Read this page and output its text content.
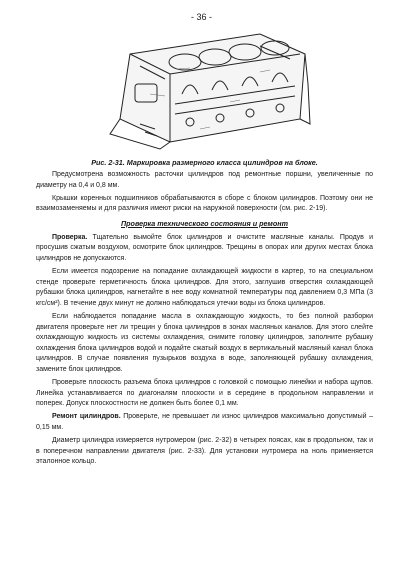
- 36 -
Рис. 2-31. Маркировка размерного класса цилиндров на блоке.

Предусмотрена возможность расточки цилиндров под ремонтные поршни, увеличенные по диаметру на 0,4 и 0,8 мм.

Крышки коренных подшипников обрабатываются в сборе с блоком цилиндров. Поэтому они не взаимозаменяемы и для различия имеют риски на наружной поверхности (см. рис. 2-19).

Проверка технического состояния и ремонт

Проверка. Тщательно вымойте блок цилиндров и очистите масляные каналы. Продув и просушив сжатым воздухом, осмотрите блок цилиндров. Трещины в опорах или других местах блока цилиндров не допускаются.

Если имеется подозрение на попадание охлаждающей жидкости в картер, то на специальном стенде проверьте герметичность блока цилиндров. Для этого, заглушив отверстия охлаждающей рубашки блока цилиндров, нагнетайте в нее воду комнатной температуры под давлением 0,3 МПа (3 кгс/см²). В течение двух минут не должно наблюдаться утечки воды из блока цилиндров.

Если наблюдается попадание масла в охлаждающую жидкость, то без полной разборки двигателя проверьте нет ли трещин у блока цилиндров в зонах масляных каналов. Для этого слейте охлаждающую жидкость из системы охлаждения, снимите головку цилиндров, заполните рубашку охлаждения блока цилиндров водой и подайте сжатый воздух в вертикальный масляный канал блока цилиндров. В случае появления пузырьков воздуха в воде, заполняющей рубашку охлаждения, замените блок цилиндров.

Проверьте плоскость разъема блока цилиндров с головкой с помощью линейки и набора щупов. Линейка устанавливается по диагоналям плоскости и в середине в продольном направлении и поперек. Допуск плоскостности не должен быть более 0,1 мм.

Ремонт цилиндров. Проверьте, не превышает ли износ цилиндров максимально допустимый – 0,15 мм.

Диаметр цилиндра измеряется нутромером (рис. 2-32) в четырех поясах, как в продольном, так и в поперечном направлении двигателя (рис. 2-33). Для установки нутромера на ноль применяется эталонное кольцо.
